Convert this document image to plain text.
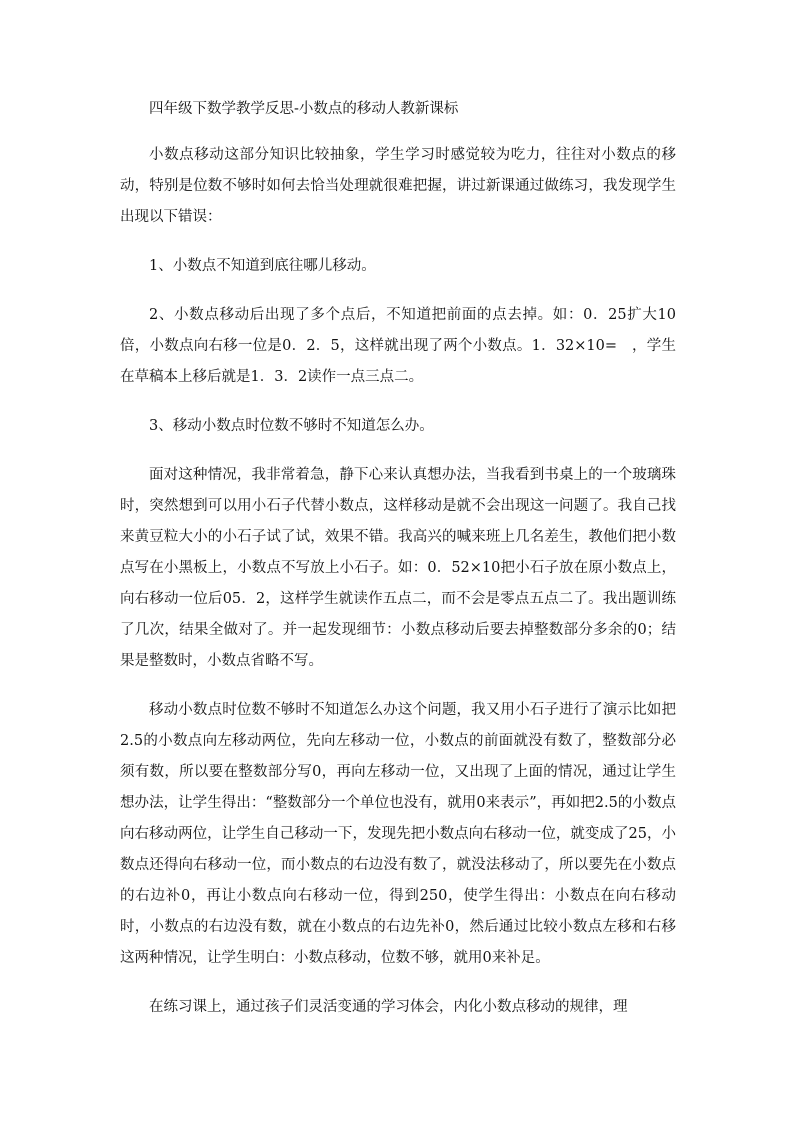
四年级下数学教学反思-小数点的移动人教新课标

小数点移动这部分知识比较抽象，学生学习时感觉较为吃力，往往对小数点的移动，特别是位数不够时如何去恰当处理就很难把握，讲过新课通过做练习，我发现学生出现以下错误：

1、小数点不知道到底往哪儿移动。

2、小数点移动后出现了多个点后，不知道把前面的点去掉。如：0．25扩大10倍，小数点向右移一位是0．2．5，这样就出现了两个小数点。1．32×10=　，学生在草稿本上移后就是1．3．2读作一点三点二。

3、移动小数点时位数不够时不知道怎么办。

面对这种情况，我非常着急，静下心来认真想办法，当我看到书桌上的一个玻璃珠时，突然想到可以用小石子代替小数点，这样移动是就不会出现这一问题了。我自己找来黄豆粒大小的小石子试了试，效果不错。我高兴的喊来班上几名差生，教他们把小数点写在小黑板上，小数点不写放上小石子。如：0．52×10把小石子放在原小数点上，向右移动一位后05．2，这样学生就读作五点二，而不会是零点五点二了。我出题训练了几次，结果全做对了。并一起发现细节：小数点移动后要去掉整数部分多余的0；结果是整数时，小数点省略不写。

移动小数点时位数不够时不知道怎么办这个问题，我又用小石子进行了演示比如把2.5的小数点向左移动两位，先向左移动一位，小数点的前面就没有数了，整数部分必须有数，所以要在整数部分写0，再向左移动一位，又出现了上面的情况，通过让学生想办法，让学生得出：“整数部分一个单位也没有，就用0来表示”，再如把2.5的小数点向右移动两位，让学生自己移动一下，发现先把小数点向右移动一位，就变成了25，小数点还得向右移动一位，而小数点的右边没有数了，就没法移动了，所以要先在小数点的右边补0，再让小数点向右移动一位，得到250，使学生得出：小数点在向右移动时，小数点的右边没有数，就在小数点的右边先补0，然后通过比较小数点左移和右移这两种情况，让学生明白：小数点移动，位数不够，就用0来补足。

在练习课上，通过孩子们灵活变通的学习体会，内化小数点移动的规律，理
